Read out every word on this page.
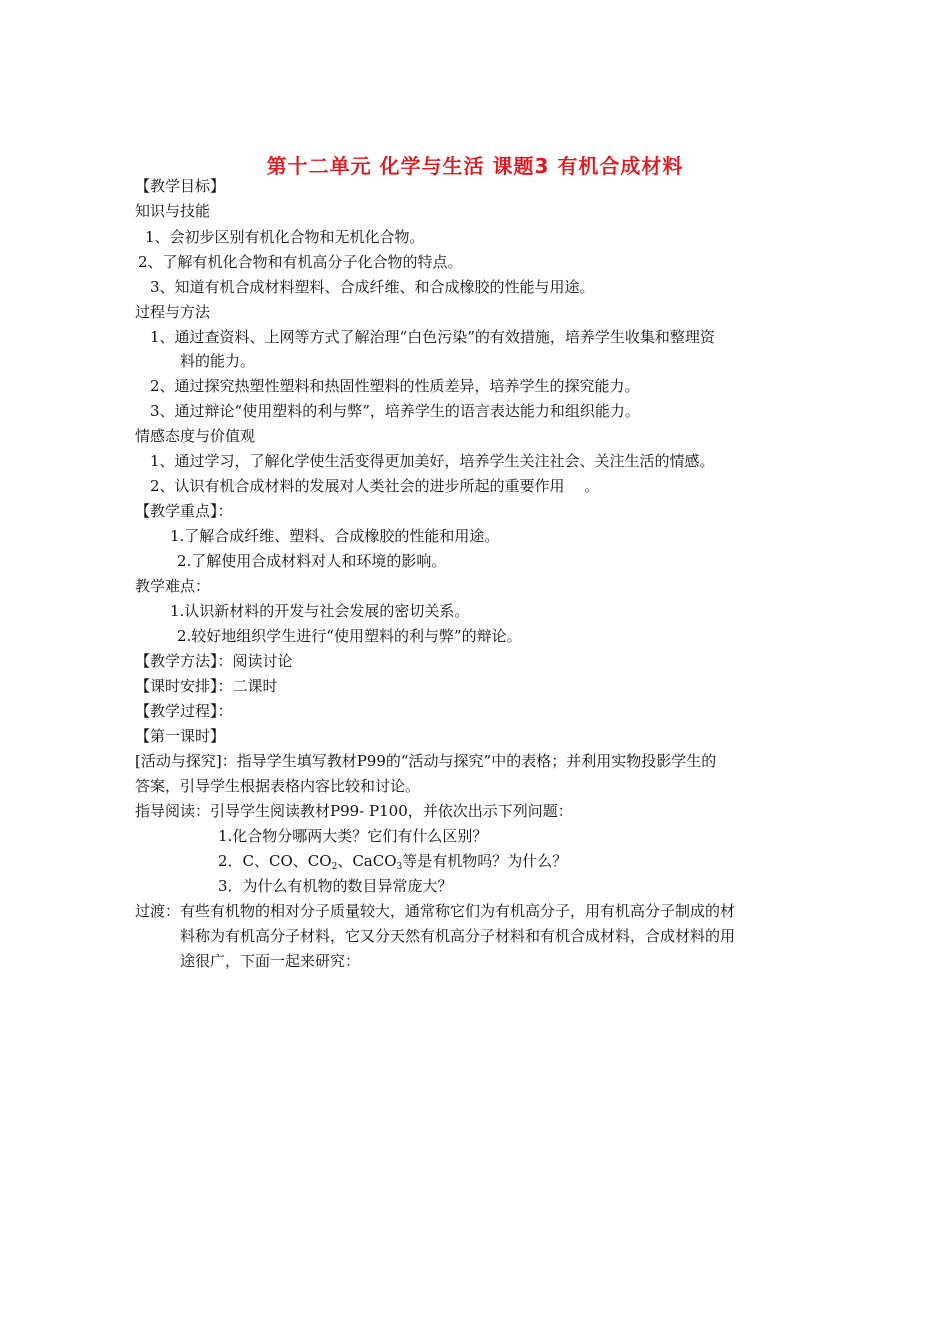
第十二单元 化学与生活 课题3 有机合成材料
【教学目标】
知识与技能
1、会初步区别有机化合物和无机化合物。
2、了解有机化合物和有机高分子化合物的特点。
3、知道有机合成材料塑料、合成纤维、和合成橡胶的性能与用途。
过程与方法
1、通过查资料、上网等方式了解治理“白色污染”的有效措施，培养学生收集和整理资
料的能力。
2、通过探究热塑性塑料和热固性塑料的性质差异，培养学生的探究能力。
3、通过辩论“使用塑料的利与弊”，培养学生的语言表达能力和组织能力。
情感态度与价值观
1、通过学习，了解化学使生活变得更加美好，培养学生关注社会、关注生活的情感。
2、认识有机合成材料的发展对人类社会的进步所起的重要作用　 。
【教学重点】：
1.了解合成纤维、塑料、合成橡胶的性能和用途。
2.了解使用合成材料对人和环境的影响。
教学难点：
1.认识新材料的开发与社会发展的密切关系。
2.较好地组织学生进行“使用塑料的利与弊”的辩论。
【教学方法】：阅读讨论
【课时安排】：二课时
【教学过程】：
【第一课时】
[活动与探究]：指导学生填写教材P99的“活动与探究”中的表格；并利用实物投影学生的
答案，引导学生根据表格内容比较和讨论。
指导阅读：引导学生阅读教材P99- P100，并依次出示下列问题：
1.化合物分哪两大类？它们有什么区别？
2．C、CO、$CO_2$、CaCO$_3$等是有机物吗？为什么？
3．为什么有机物的数目异常庞大？
过渡：有些有机物的相对分子质量较大，通常称它们为有机高分子，用有机高分子制成的材
料称为有机高分子材料，它又分天然有机高分子材料和有机合成材料，合成材料的用
途很广，下面一起来研究：
